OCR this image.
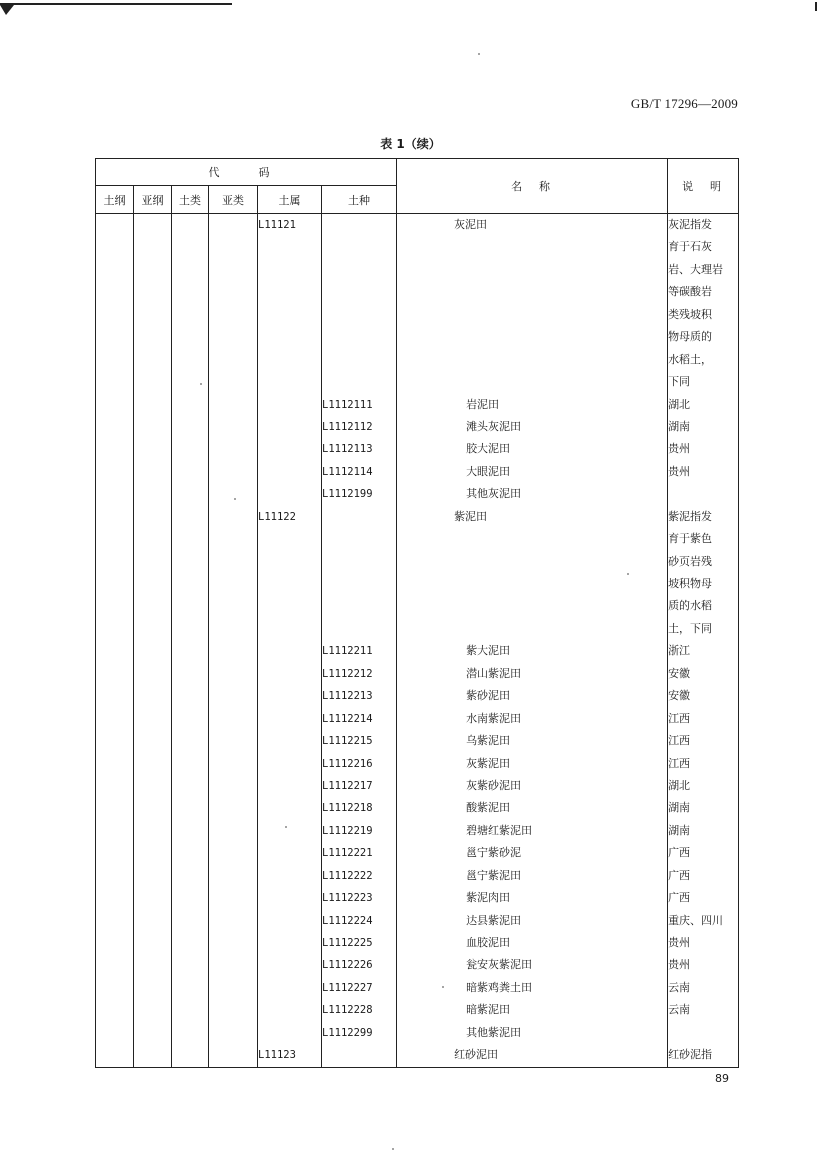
GB/T 17296—2009
表 1（续）
代　码						名　称	说　明
土纲	亚纲	土类	亚类	土属	土种		
				L11121		灰泥田	灰泥指发
							育于石灰
							岩、大理岩
							等碳酸岩
							类残坡积
							物母质的
							水稻土，
							下同
					L1112111	岩泥田	湖北
					L1112112	滩头灰泥田	湖南
					L1112113	胶大泥田	贵州
					L1112114	大眼泥田	贵州
					L1112199	其他灰泥田	
				L11122		紫泥田	紫泥指发
							育于紫色
							砂页岩残
							坡积物母
							质的水稻
							土，下同
					L1112211	紫大泥田	浙江
					L1112212	潜山紫泥田	安徽
					L1112213	紫砂泥田	安徽
					L1112214	水南紫泥田	江西
					L1112215	乌紫泥田	江西
					L1112216	灰紫泥田	江西
					L1112217	灰紫砂泥田	湖北
					L1112218	酸紫泥田	湖南
					L1112219	碧塘红紫泥田	湖南
					L1112221	邕宁紫砂泥	广西
					L1112222	邕宁紫泥田	广西
					L1112223	紫泥肉田	广西
					L1112224	达县紫泥田	重庆、四川
					L1112225	血胶泥田	贵州
					L1112226	瓮安灰紫泥田	贵州
					L1112227	暗紫鸡粪土田	云南
					L1112228	暗紫泥田	云南
					L1112299	其他紫泥田	
				L11123		红砂泥田	红砂泥指
89
